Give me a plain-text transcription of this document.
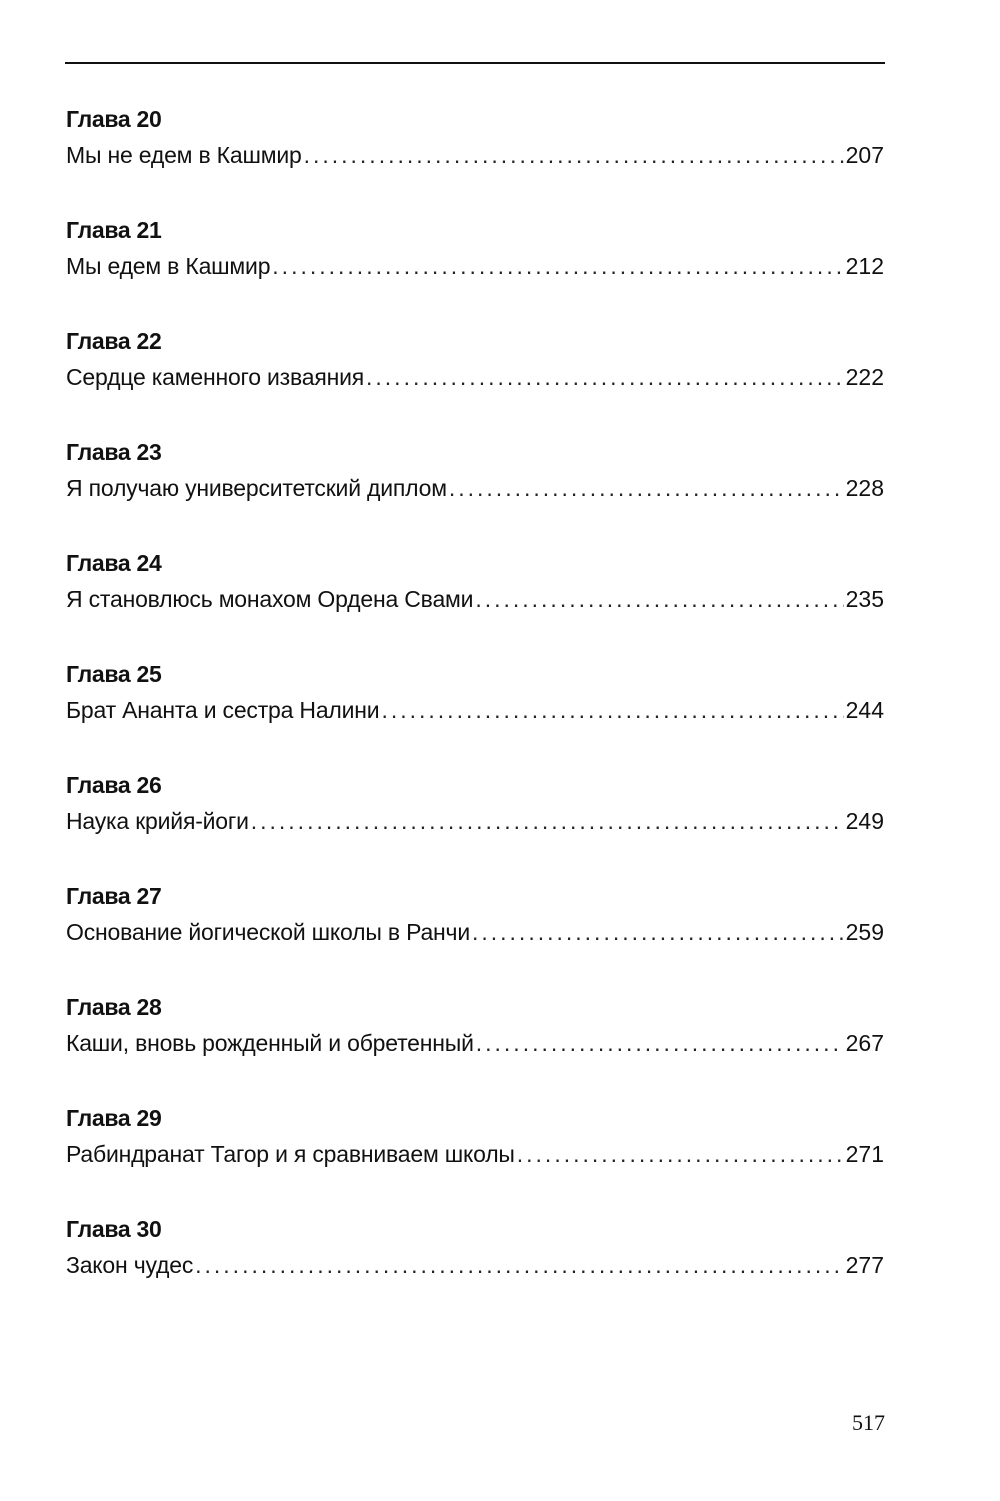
Глава 20
Мы не едем в Кашмир .....	207
Глава 21
Мы едем в Кашмир .....	212
Глава 22
Сердце каменного изваяния .....	222
Глава 23
Я получаю университетский диплом .....	228
Глава 24
Я становлюсь монахом Ордена Свами .....	235
Глава 25
Брат Ананта и сестра Налини .....	244
Глава 26
Наука крийя-йоги .....	249
Глава 27
Основание йогической школы в Ранчи .....	259
Глава 28
Каши, вновь рожденный и обретенный .....	267
Глава 29
Рабиндранат Тагор и я сравниваем школы .....	271
Глава 30
Закон чудес .....	277
517
